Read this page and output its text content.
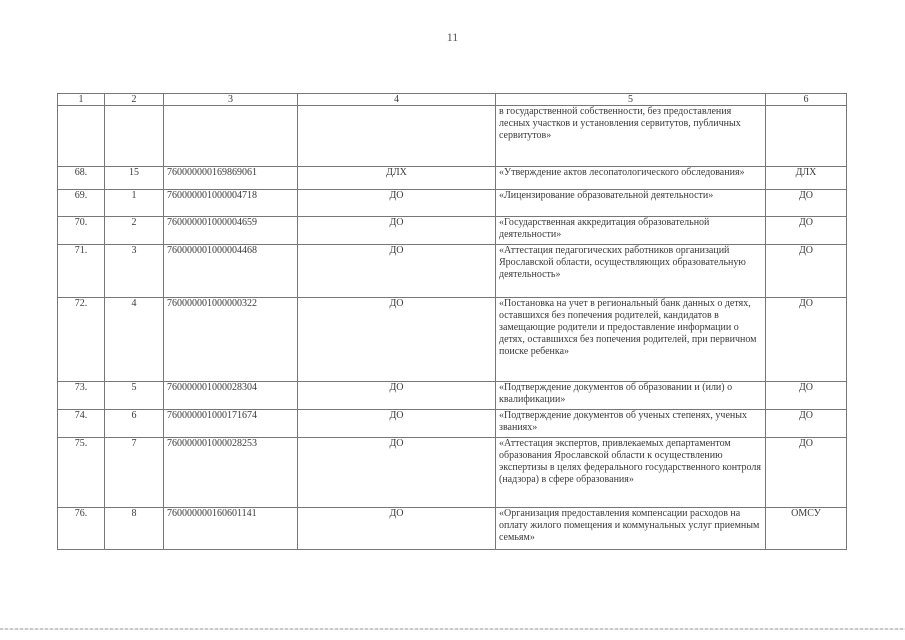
11
1	2	3	4	5	6
				в государственной собственности, без предоставления лесных участков и установления сервитутов, публичных сервитутов»	
68.	15	760000000169869061	ДЛХ	«Утверждение актов лесопатологического обследования»	ДЛХ
69.	1	760000001000004718	ДО	«Лицензирование образовательной деятельности»	ДО
70.	2	760000001000004659	ДО	«Государственная аккредитация образовательной деятельности»	ДО
71.	3	760000001000004468	ДО	«Аттестация педагогических работников организаций Ярославской области, осуществляющих образовательную деятельность»	ДО
72.	4	760000001000000322	ДО	«Постановка на учет в региональный банк данных о детях, оставшихся без попечения родителей, кандидатов в замещающие родители и предоставление информации о детях, оставшихся без попечения родителей, при первичном поиске ребенка»	ДО
73.	5	760000001000028304	ДО	«Подтверждение документов об образовании и (или) о квалификации»	ДО
74.	6	760000001000171674	ДО	«Подтверждение документов об ученых степенях, ученых званиях»	ДО
75.	7	760000001000028253	ДО	«Аттестация экспертов, привлекаемых департаментом образования Ярославской области к осуществлению экспертизы в целях федерального государственного контроля (надзора) в сфере образования»	ДО
76.	8	760000000160601141	ДО	«Организация предоставления компенсации расходов на оплату жилого помещения и коммунальных услуг приемным семьям»	ОМСУ
